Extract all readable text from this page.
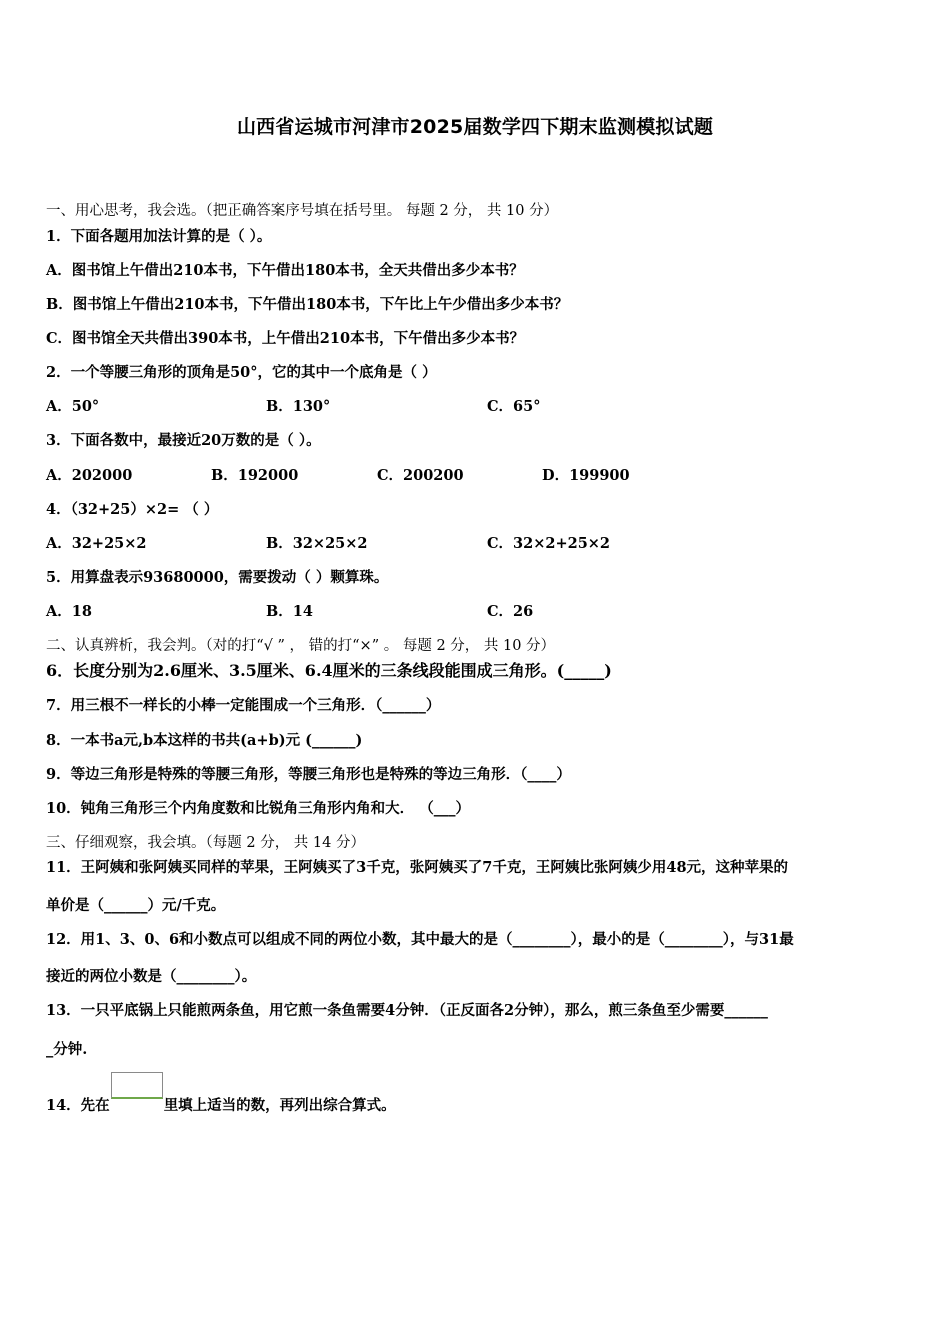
山西省运城市河津市2025届数学四下期末监测模拟试题
一、用心思考，我会选。（把正确答案序号填在括号里。 每题 2 分， 共 10 分）
1．下面各题用加法计算的是（ ）。
A．图书馆上午借出210本书，下午借出180本书，全天共借出多少本书？
B．图书馆上午借出210本书，下午借出180本书，下午比上午少借出多少本书？
C．图书馆全天共借出390本书，上午借出210本书，下午借出多少本书？
2．一个等腰三角形的顶角是50°，它的其中一个底角是（ ）
A．50°	B．130°	C．65°
3．下面各数中，最接近20万数的是（ ）。
A．202000	B．192000	C．200200	D．199900
4．（32+25）×2= （ ）
A．32+25×2	B．32×25×2	C．32×2+25×2
5．用算盘表示93680000，需要拨动（ ）颗算珠。
A．18	B．14	C．26
二、认真辨析，我会判。（对的打“√ ” ， 错的打“×” 。 每题 2 分， 共 10 分）
6．长度分别为2.6厘米、3.5厘米、6.4厘米的三条线段能围成三角形。(_____)
7．用三根不一样长的小棒一定能围成一个三角形．（______）
8．一本书a元,b本这样的书共(a+b)元 (______)
9．等边三角形是特殊的等腰三角形，等腰三角形也是特殊的等边三角形．（____）
10．钝角三角形三个内角度数和比锐角三角形内角和大． （___）
三、仔细观察，我会填。（每题 2 分， 共 14 分）
11．王阿姨和张阿姨买同样的苹果，王阿姨买了3千克，张阿姨买了7千克，王阿姨比张阿姨少用48元，这种苹果的
单价是（______）元/千克。
12．用1、3、0、6和小数点可以组成不同的两位小数，其中最大的是（________），最小的是（________），与31最
接近的两位小数是（________）。
13．一只平底锅上只能煎两条鱼，用它煎一条鱼需要4分钟．（正反面各2分钟），那么，煎三条鱼至少需要______
_分钟.
14．先在	里填上适当的数，再列出综合算式。
